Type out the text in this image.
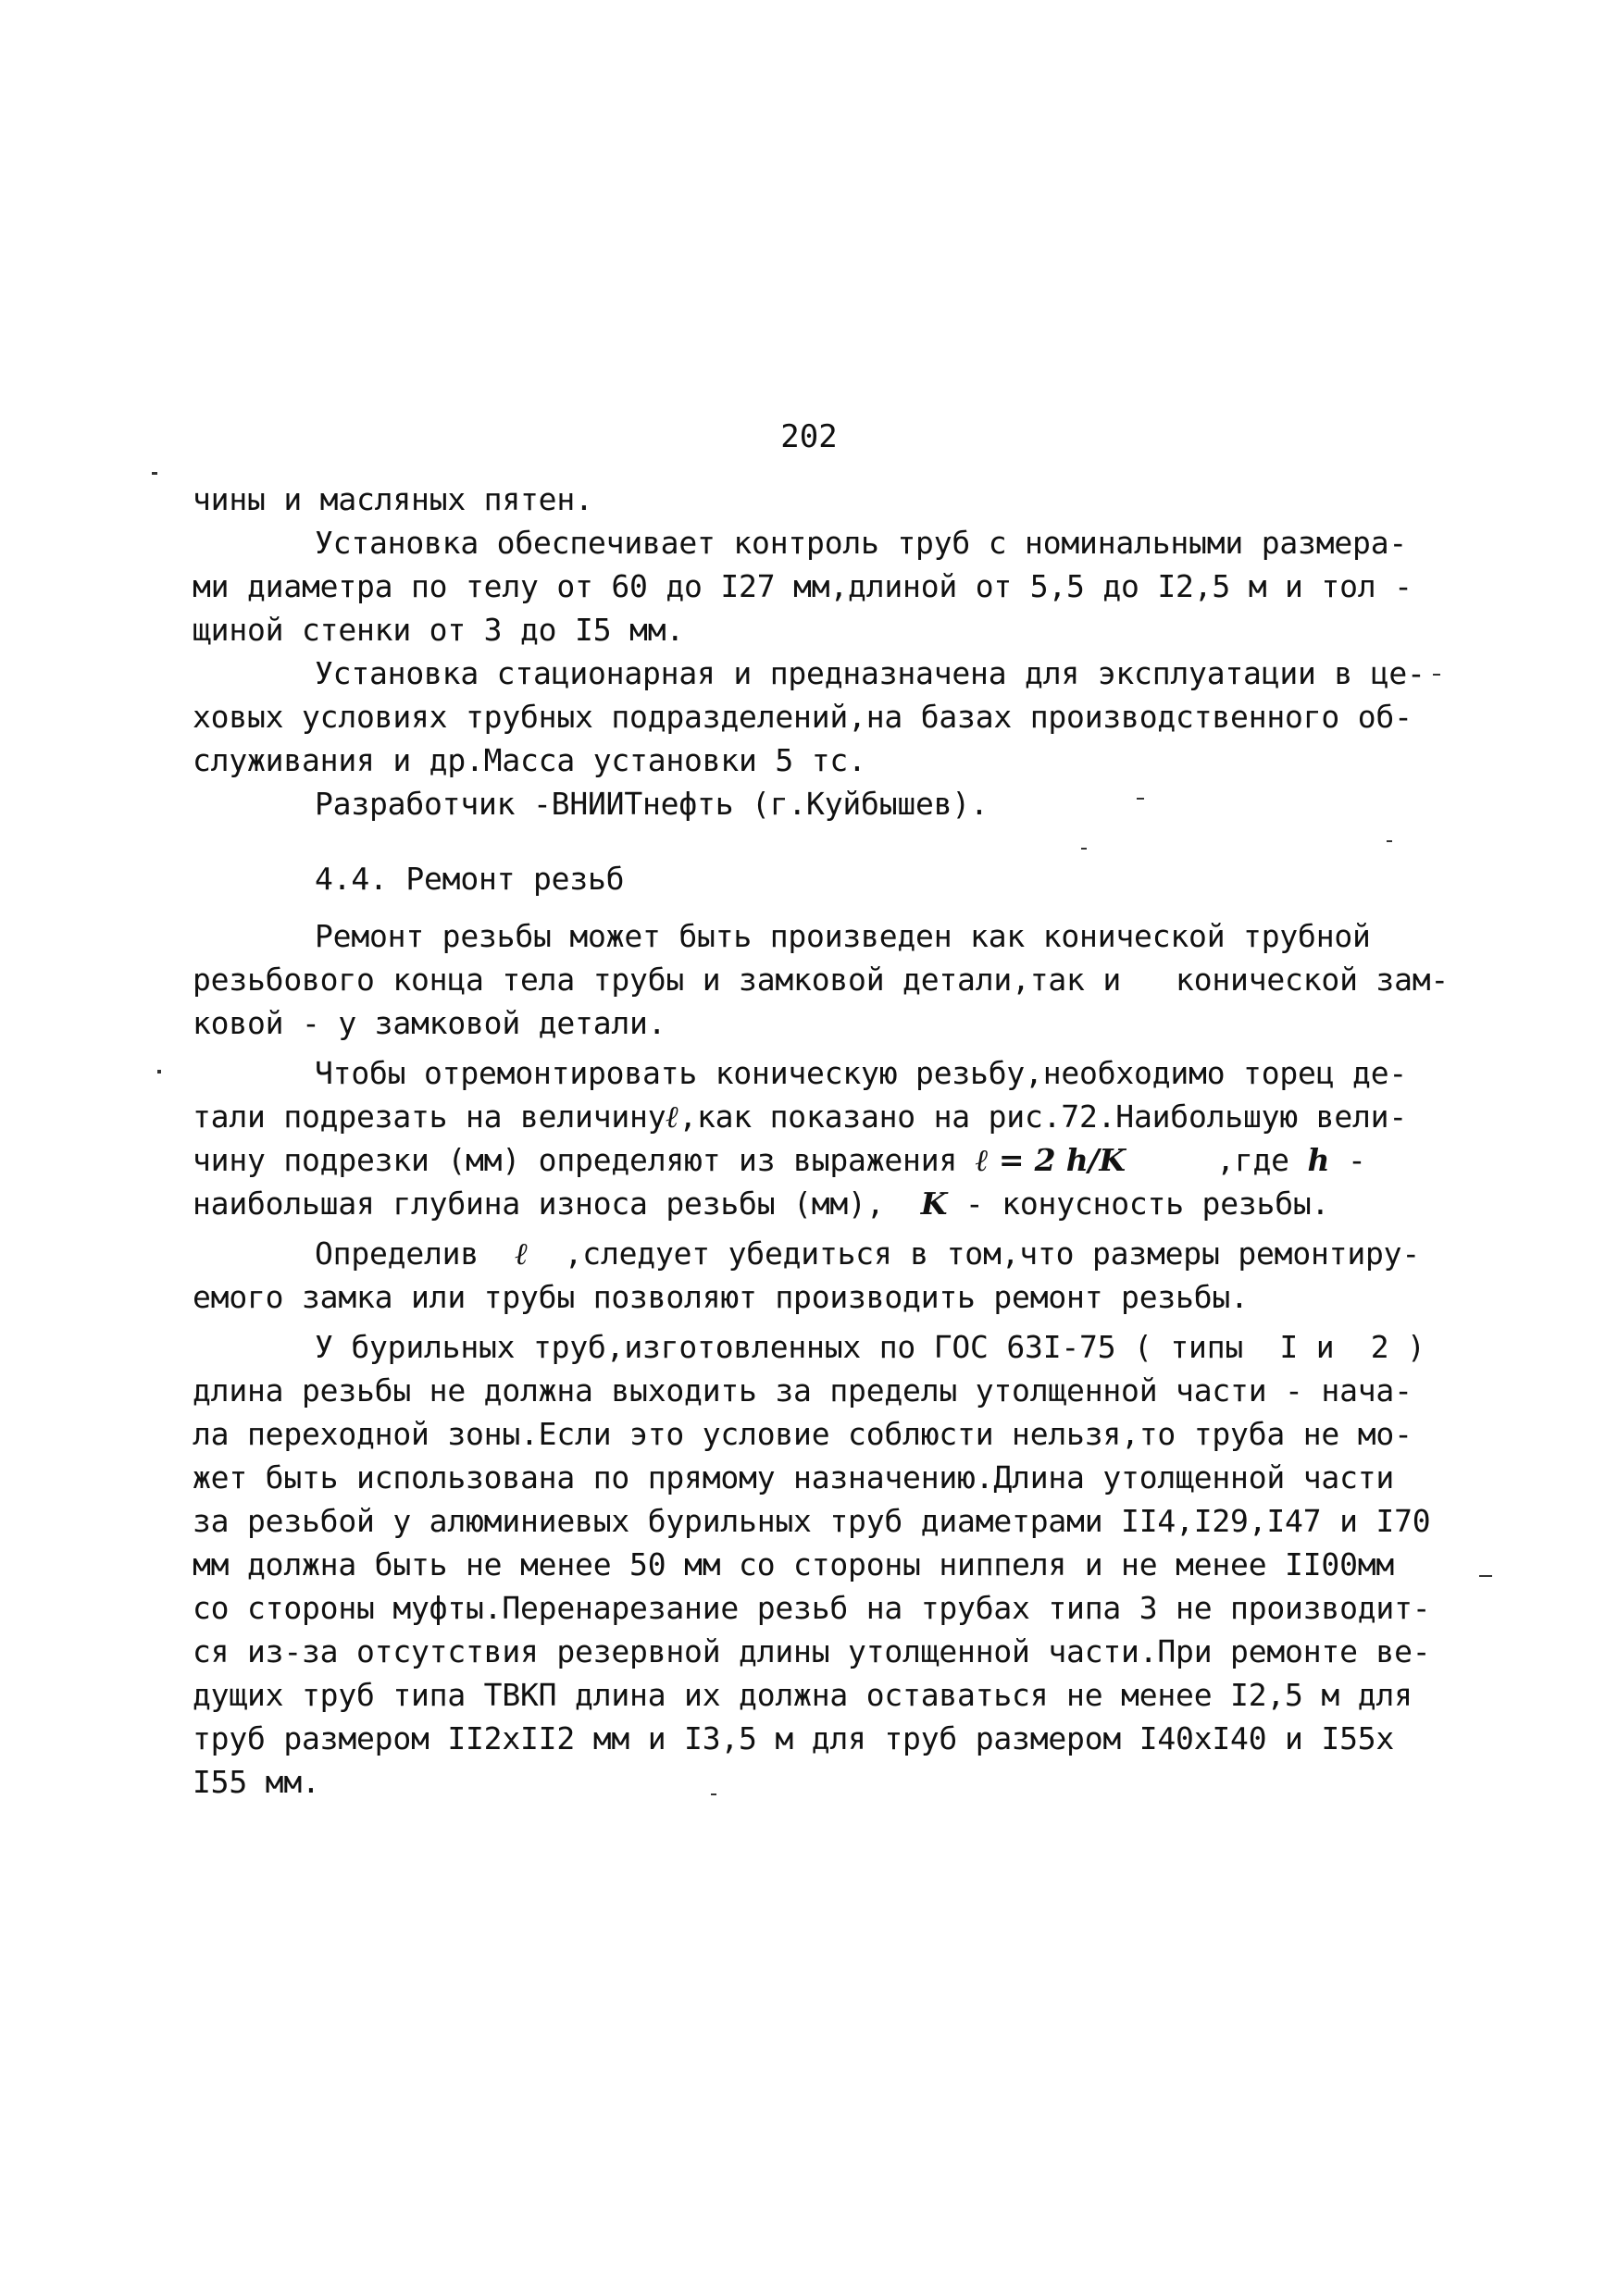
202
чины и масляных пятен.
Установка обеспечивает контроль труб с номинальными размера-
ми диаметра по телу от 60 до I27 мм,длиной от 5,5 до I2,5 м и тол -
щиной стенки от 3 до I5 мм.
Установка стационарная и предназначена для эксплуатации в це-
ховых условиях трубных подразделений,на базах производственного об-
служивания и др.Масса установки 5 тс.
Разработчик -ВНИИТнефть (г.Куйбышев).
4.4. Ремонт резьб
Ремонт резьбы может быть произведен как конической трубной
резьбового конца тела трубы и замковой детали,так и   конической зам-
ковой - у замковой детали.
Чтобы отремонтировать коническую резьбу,необходимо торец де-
тали подрезать на величинуℓ,как показано на рис.72.Наибольшую вели-
чину подрезки (мм) определяют из выражения ℓ = 2 h/K	,где h -
наибольшая глубина износа резьбы (мм), K - конусность резьбы.
Определив ℓ ,следует убедиться в том,что размеры ремонтиру-
емого замка или трубы позволяют производить ремонт резьбы.
У бурильных труб,изготовленных по ГОС 63I-75 ( типы  I и  2 )
длина резьбы не должна выходить за пределы утолщенной части - нача-
ла переходной зоны.Если это условие соблюсти нельзя,то труба не мо-
жет быть использована по прямому назначению.Длина утолщенной части
за резьбой у алюминиевых бурильных труб диаметрами II4,I29,I47 и I70
мм должна быть не менее 50 мм со стороны ниппеля и не менее II00мм
со стороны муфты.Перенарезание резьб на трубах типа 3 не производит-
ся из-за отсутствия резервной длины утолщенной части.При ремонте ве-
дущих труб типа ТВКП длина их должна оставаться не менее I2,5 м для
труб размером II2xII2 мм и I3,5 м для труб размером I40xI40 и I55x
I55 мм.
